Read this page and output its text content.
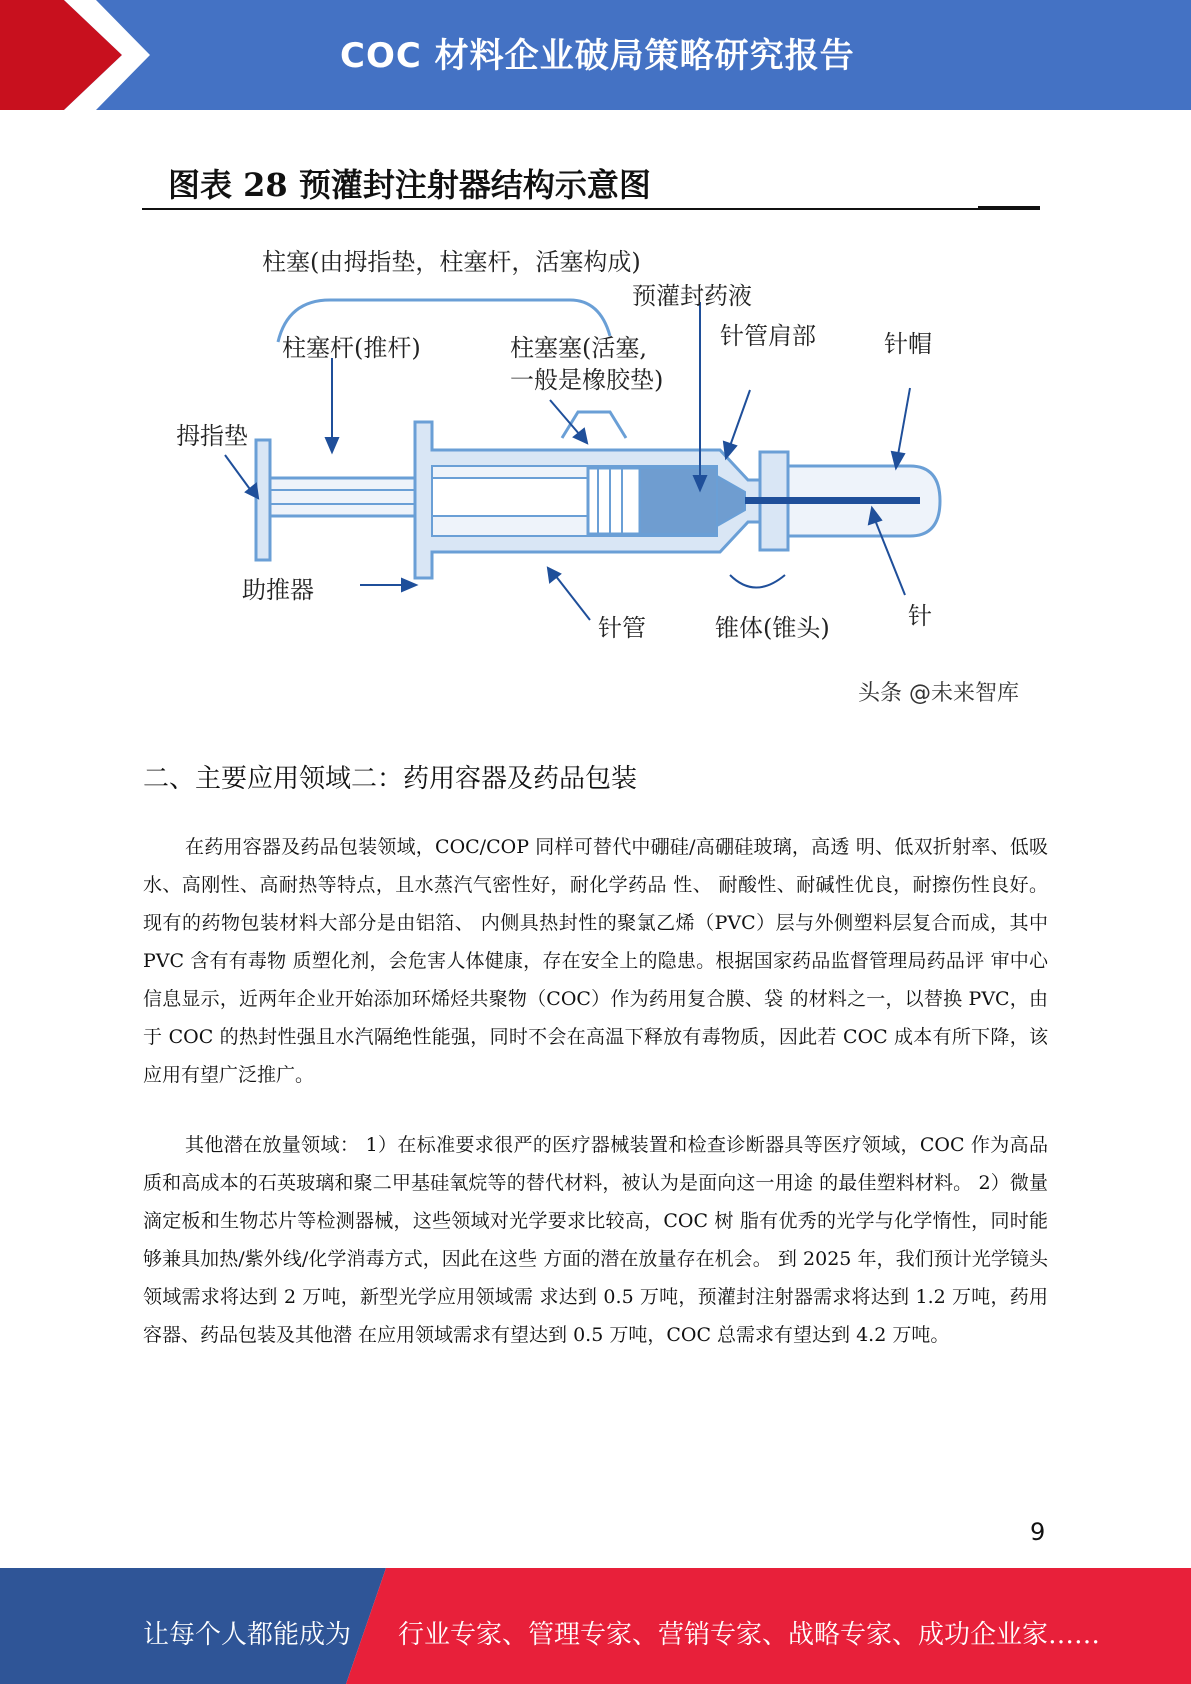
COC 材料企业破局策略研究报告
图表 28 预灌封注射器结构示意图
柱塞(由拇指垫，柱塞杆，活塞构成)
预灌封药液
柱塞杆(推杆)	柱塞塞(活塞,
一般是橡胶垫)
针管肩部	针帽
拇指垫
助推器
针管	锥体(锥头)	针
头条 @未来智库
二、主要应用领域二：药用容器及药品包装

在药用容器及药品包装领域，COC/COP 同样可替代中硼硅/高硼硅玻璃，高透 明、低双折射率、低吸水、高刚性、高耐热等特点，且水蒸汽气密性好，耐化学药品 性、 耐酸性、耐碱性优良，耐擦伤性良好。现有的药物包装材料大部分是由铝箔、 内侧具热封性的聚氯乙烯（PVC）层与外侧塑料层复合而成，其中 PVC 含有有毒物 质塑化剂，会危害人体健康，存在安全上的隐患。根据国家药品监督管理局药品评 审中心信息显示，近两年企业开始添加环烯烃共聚物（COC）作为药用复合膜、袋 的材料之一，以替换 PVC，由于 COC 的热封性强且水汽隔绝性能强，同时不会在高温下释放有毒物质，因此若 COC 成本有所下降，该应用有望广泛推广。

其他潜在放量领域： 1）在标准要求很严的医疗器械装置和检查诊断器具等医疗领域，COC 作为高品质和高成本的石英玻璃和聚二甲基硅氧烷等的替代材料，被认为是面向这一用途 的最佳塑料材料。 2）微量滴定板和生物芯片等检测器械，这些领域对光学要求比较高，COC 树 脂有优秀的光学与化学惰性，同时能够兼具加热/紫外线/化学消毒方式，因此在这些 方面的潜在放量存在机会。 到 2025 年，我们预计光学镜头领域需求将达到 2 万吨，新型光学应用领域需 求达到 0.5 万吨，预灌封注射器需求将达到 1.2 万吨，药用容器、药品包装及其他潜 在应用领域需求有望达到 0.5 万吨，COC 总需求有望达到 4.2 万吨。

9
让每个人都能成为 行业专家、管理专家、营销专家、战略专家、成功企业家……
